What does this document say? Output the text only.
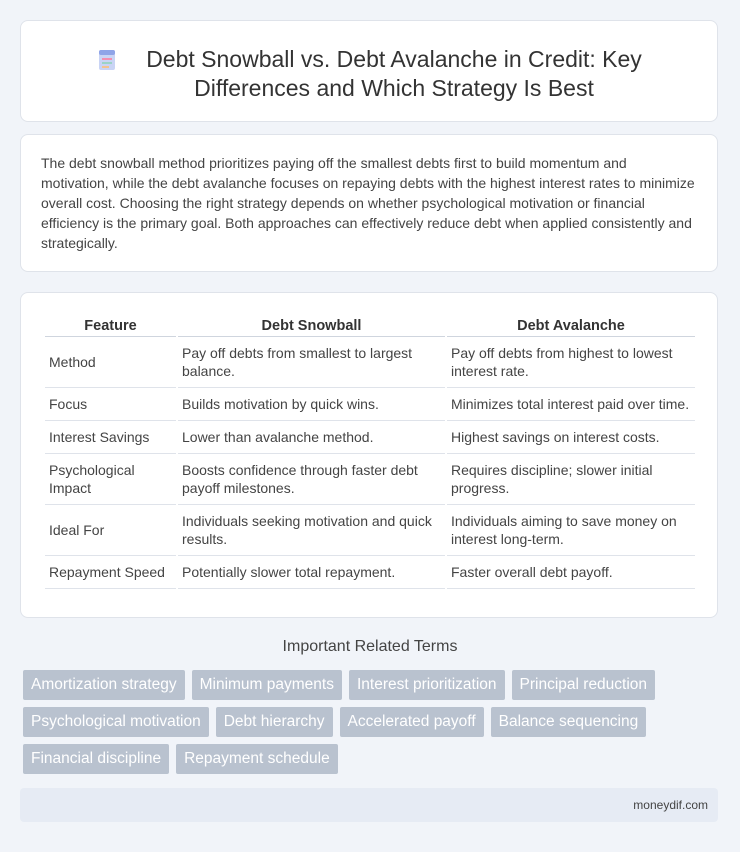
Debt Snowball vs. Debt Avalanche in Credit: Key Differences and Which Strategy Is Best

The debt snowball method prioritizes paying off the smallest debts first to build momentum and motivation, while the debt avalanche focuses on repaying debts with the highest interest rates to minimize overall cost. Choosing the right strategy depends on whether psychological motivation or financial efficiency is the primary goal. Both approaches can effectively reduce debt when applied consistently and strategically.

Feature	Debt Snowball	Debt Avalanche
Method	Pay off debts from smallest to largest balance.	Pay off debts from highest to lowest interest rate.
Focus	Builds motivation by quick wins.	Minimizes total interest paid over time.
Interest Savings	Lower than avalanche method.	Highest savings on interest costs.
Psychological Impact	Boosts confidence through faster debt payoff milestones.	Requires discipline; slower initial progress.
Ideal For	Individuals seeking motivation and quick results.	Individuals aiming to save money on interest long-term.
Repayment Speed	Potentially slower total repayment.	Faster overall debt payoff.
Important Related Terms
Amortization strategy	Minimum payments	Interest prioritization	Principal reduction
Psychological motivation	Debt hierarchy	Accelerated payoff	Balance sequencing
Financial discipline	Repayment schedule
moneydif.com
